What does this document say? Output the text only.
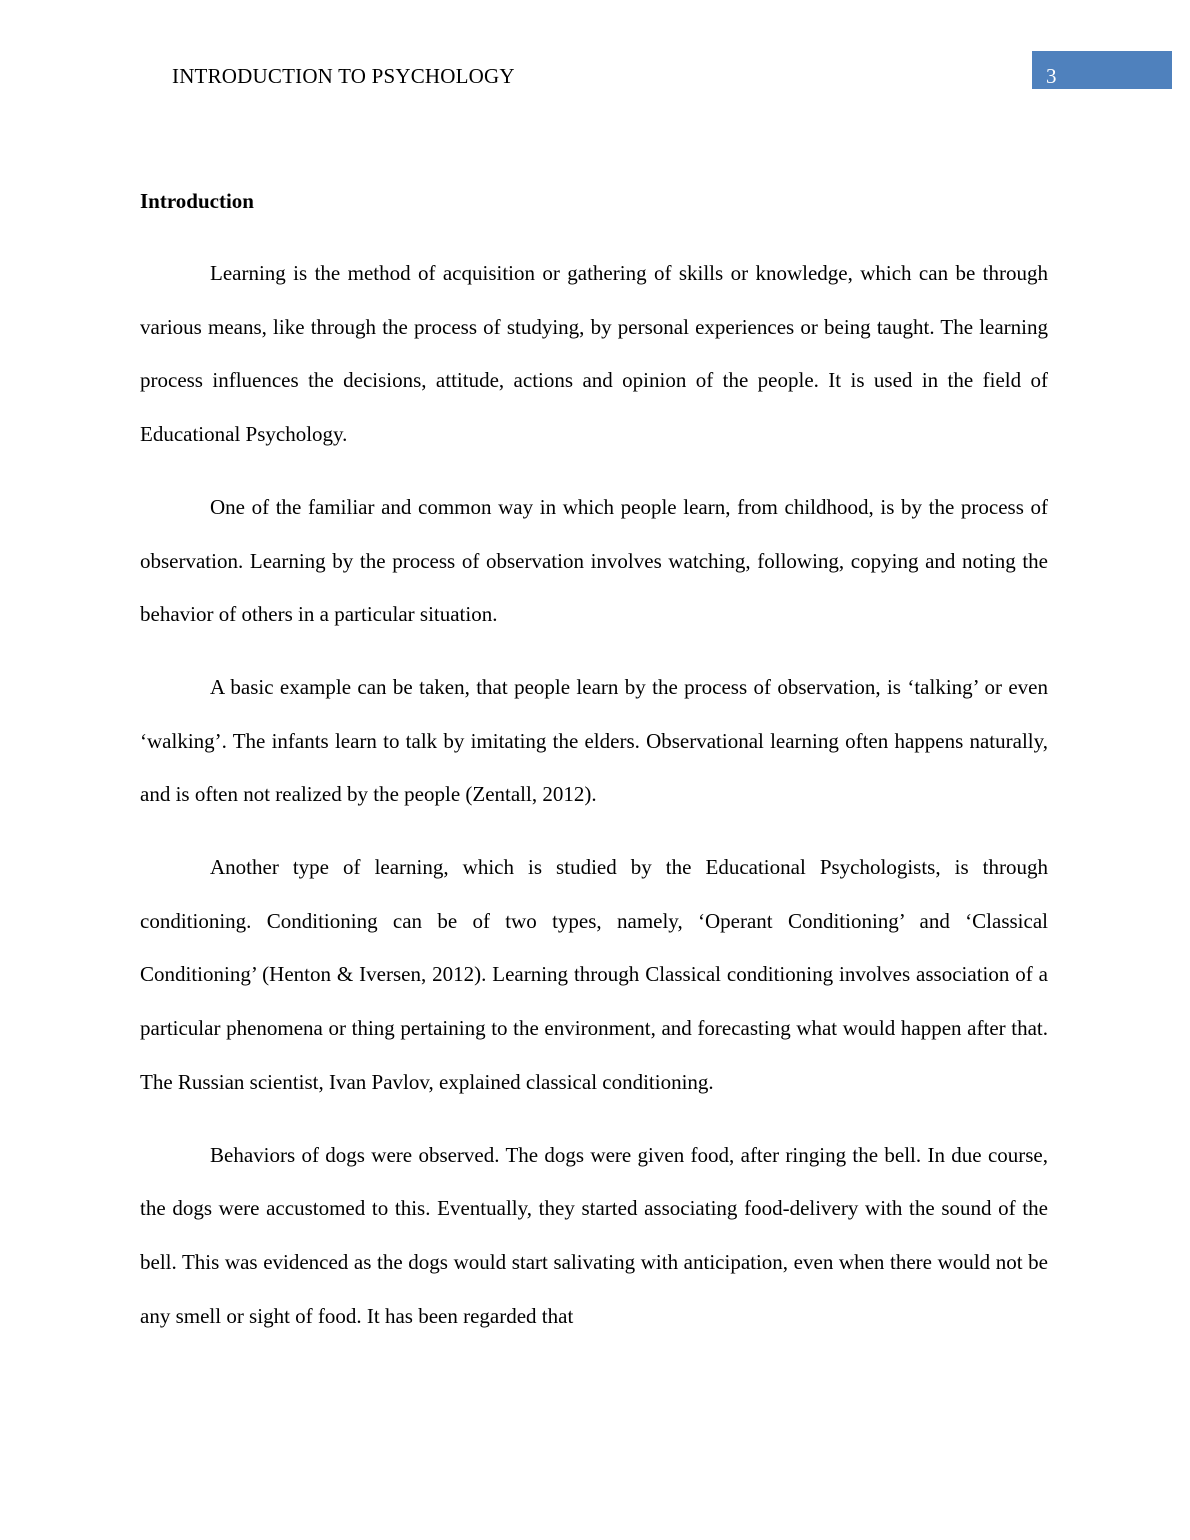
INTRODUCTION TO PSYCHOLOGY	3
Introduction

Learning is the method of acquisition or gathering of skills or knowledge, which can be through various means, like through the process of studying, by personal experiences or being taught. The learning process influences the decisions, attitude, actions and opinion of the people. It is used in the field of Educational Psychology.

One of the familiar and common way in which people learn, from childhood, is by the process of observation. Learning by the process of observation involves watching, following, copying and noting the behavior of others in a particular situation.

A basic example can be taken, that people learn by the process of observation, is ‘talking’ or even ‘walking’. The infants learn to talk by imitating the elders. Observational learning often happens naturally, and is often not realized by the people (Zentall, 2012).

Another type of learning, which is studied by the Educational Psychologists, is through conditioning. Conditioning can be of two types, namely, ‘Operant Conditioning’ and ‘Classical Conditioning’ (Henton & Iversen, 2012). Learning through Classical conditioning involves association of a particular phenomena or thing pertaining to the environment, and forecasting what would happen after that. The Russian scientist, Ivan Pavlov, explained classical conditioning.

Behaviors of dogs were observed. The dogs were given food, after ringing the bell. In due course, the dogs were accustomed to this. Eventually, they started associating food-delivery with the sound of the bell. This was evidenced as the dogs would start salivating with anticipation, even when there would not be any smell or sight of food. It has been regarded that
